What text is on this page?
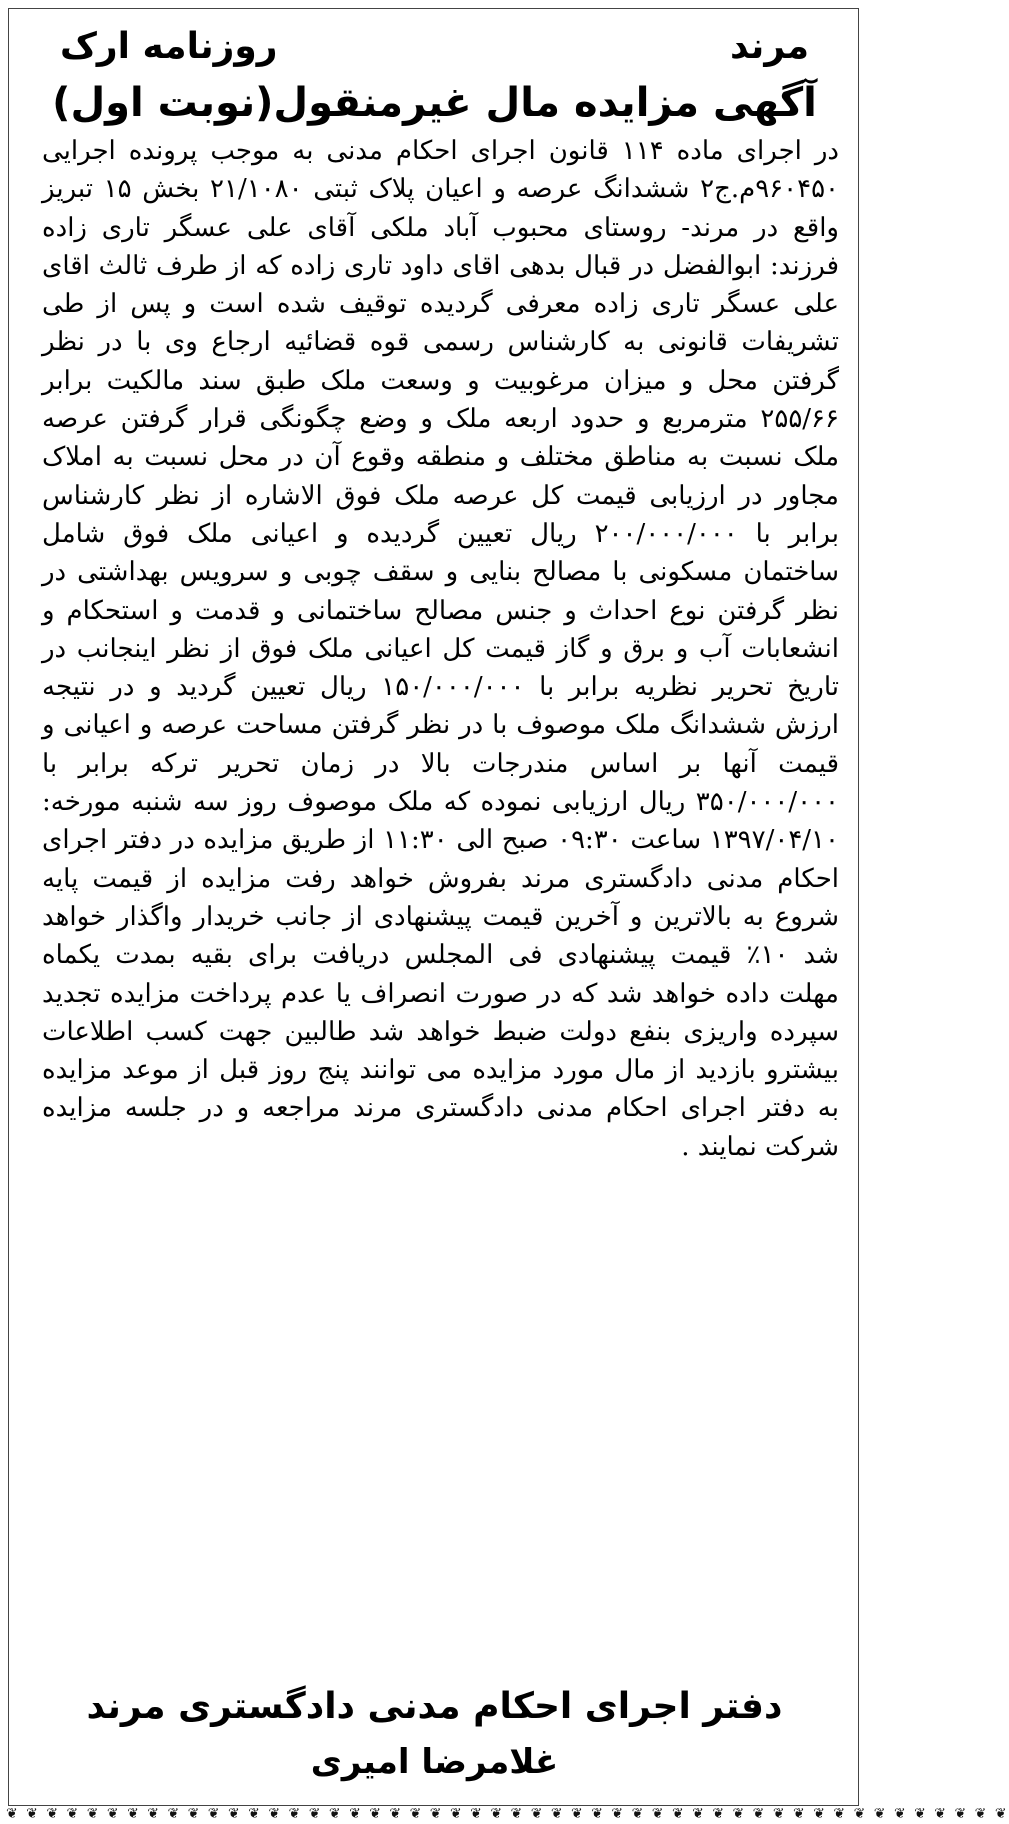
مرند
روزنامه ارک
آگهی مزایده مال غیرمنقول(نوبت اول)
در اجرای ماده ۱۱۴ قانون اجرای احکام مدنی به موجب پرونده اجرایی ۹۶۰۴۵۰م.ج۲ ششدانگ عرصه و اعیان پلاک ثبتی ۲۱/۱۰۸۰ بخش ۱۵ تبریز واقع در مرند- روستای محبوب آباد ملکی آقای علی عسگر تاری زاده فرزند: ابوالفضل در قبال بدهی اقای داود تاری زاده که از طرف ثالث اقای علی عسگر تاری زاده معرفی گردیده توقیف شده است و پس از طی تشریفات قانونی به کارشناس رسمی قوه قضائیه ارجاع وی با در نظر گرفتن محل و میزان مرغوبیت و وسعت ملک طبق سند مالکیت برابر ۲۵۵/۶۶ مترمربع و حدود اربعه ملک و وضع چگونگی قرار گرفتن عرصه ملک نسبت به مناطق مختلف و منطقه وقوع آن در محل نسبت به املاک مجاور در ارزیابی قیمت کل عرصه ملک فوق الاشاره از نظر کارشناس برابر با ۲۰۰/۰۰۰/۰۰۰ ریال تعیین گردیده و اعیانی ملک فوق شامل ساختمان مسکونی با مصالح بنایی و سقف چوبی و سرویس بهداشتی در نظر گرفتن نوع احداث و جنس مصالح ساختمانی و قدمت و استحکام و انشعابات آب و برق و گاز قیمت کل اعیانی ملک فوق از نظر اینجانب در تاریخ تحریر نظریه برابر با ۱۵۰/۰۰۰/۰۰۰ ریال تعیین گردید و در نتیجه ارزش ششدانگ ملک موصوف با در نظر گرفتن مساحت عرصه و اعیانی و قیمت آنها بر اساس مندرجات بالا در زمان تحریر ترکه برابر با ۳۵۰/۰۰۰/۰۰۰ ریال ارزیابی نموده که ملک موصوف روز سه شنبه مورخه: ۱۳۹۷/۰۴/۱۰ ساعت ۰۹:۳۰ صبح الی ۱۱:۳۰ از طریق مزایده در دفتر اجرای احکام مدنی دادگستری مرند بفروش خواهد رفت مزایده از قیمت پایه شروع به بالاترین و آخرین قیمت پیشنهادی از جانب خریدار واگذار خواهد شد ۱۰٪ قیمت پیشنهادی فی المجلس دریافت برای بقیه بمدت یکماه مهلت داده خواهد شد که در صورت انصراف یا عدم پرداخت مزایده تجدید سپرده واریزی بنفع دولت ضبط خواهد شد طالبین جهت کسب اطلاعات بیشترو بازدید از مال مورد مزایده می توانند پنج روز قبل از موعد مزایده به دفتر اجرای احکام مدنی دادگستری مرند مراجعه و در جلسه مزایده شرکت نمایند .
دفتر اجرای احکام مدنی دادگستری مرند
غلامرضا امیری
❦ ❦ ❦ ❦ ❦ ❦ ❦ ❦ ❦ ❦ ❦ ❦ ❦ ❦ ❦ ❦ ❦ ❦ ❦ ❦ ❦ ❦ ❦ ❦ ❦ ❦ ❦ ❦ ❦ ❦ ❦ ❦ ❦ ❦ ❦ ❦ ❦ ❦ ❦ ❦ ❦ ❦ ❦ ❦ ❦ ❦ ❦ ❦ ❦ ❦
